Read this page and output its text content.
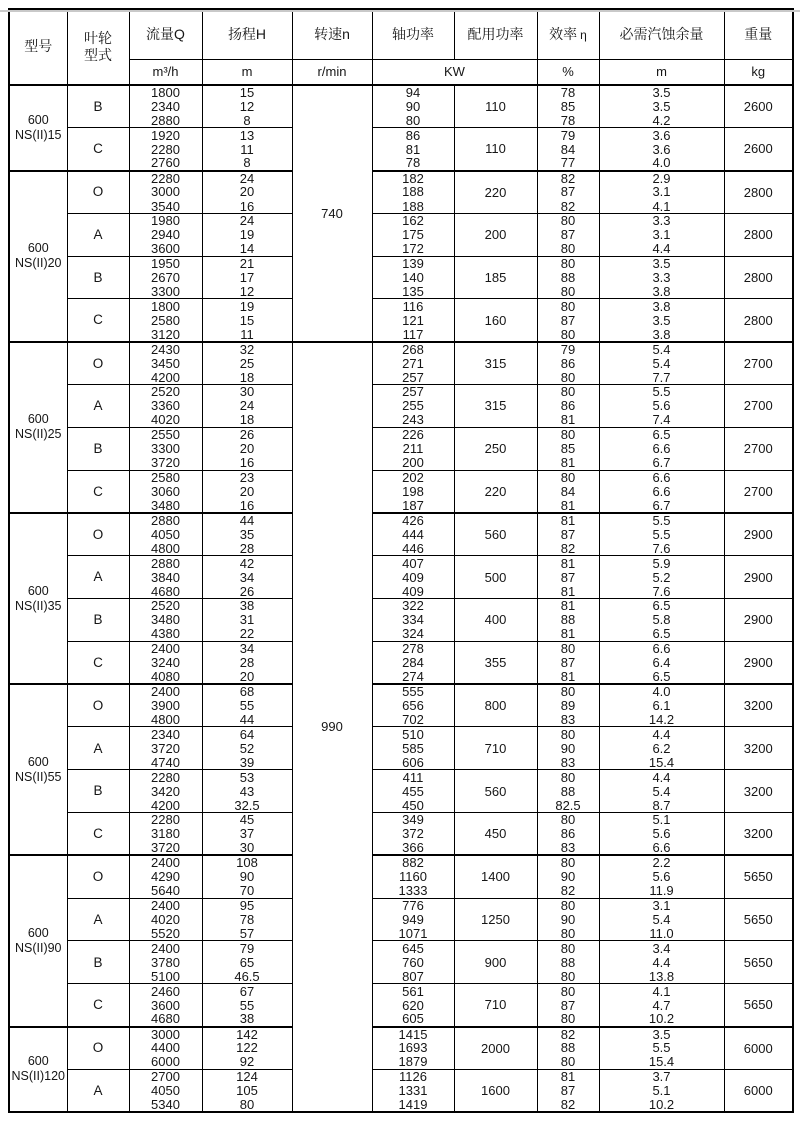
型号	叶轮
型式	流量Q	扬程H	转速n	轴功率	配用功率	效率 η	必需汽蚀余量	重量
		m³/h	m	r/min	KW		%	m	kg

600
NS(II)15	B	1800	15	740	94	110	78	3.5	2600
		2340	12		90		85	3.5	
		2880	8		80		78	4.2	
	C	1920	13		86	110	79	3.6	2600
		2280	11		81		84	3.6	
		2760	8		78		77	4.0	

600
NS(II)20	O	2280	24		182	220	82	2.9	2800
		3000	20		188		87	3.1	
		3540	16		188		82	4.1	
	A	1980	24		162	200	80	3.3	2800
		2940	19		175		87	3.1	
		3600	14		172		80	4.4	
	B	1950	21		139	185	80	3.5	2800
		2670	17		140		88	3.3	
		3300	12		135		80	3.8	
	C	1800	19		116	160	80	3.8	2800
		2580	15		121		87	3.5	
		3120	11		117		80	3.8	

600
NS(II)25	O	2430	32	990	268	315	79	5.4	2700
		3450	25		271		86	5.4	
		4200	18		257		80	7.7	
	A	2520	30		257	315	80	5.5	2700
		3360	24		255		86	5.6	
		4020	18		243		81	7.4	
	B	2550	26		226	250	80	6.5	2700
		3300	20		211		85	6.6	
		3720	16		200		81	6.7	
	C	2580	23		202	220	80	6.6	2700
		3060	20		198		84	6.6	
		3480	16		187		81	6.7	

600
NS(II)35	O	2880	44		426	560	81	5.5	2900
		4050	35		444		87	5.5	
		4800	28		446		82	7.6	
	A	2880	42		407	500	81	5.9	2900
		3840	34		409		87	5.2	
		4680	26		409		81	7.6	
	B	2520	38		322	400	81	6.5	2900
		3480	31		334		88	5.8	
		4380	22		324		81	6.5	
	C	2400	34		278	355	80	6.6	2900
		3240	28		284		87	6.4	
		4080	20		274		81	6.5	

600
NS(II)55	O	2400	68		555	800	80	4.0	3200
		3900	55		656		89	6.1	
		4800	44		702		83	14.2	
	A	2340	64		510	710	80	4.4	3200
		3720	52		585		90	6.2	
		4740	39		606		83	15.4	
	B	2280	53		411	560	80	4.4	3200
		3420	43		455		88	5.4	
		4200	32.5		450		82.5	8.7	
	C	2280	45		349	450	80	5.1	3200
		3180	37		372		86	5.6	
		3720	30		366		83	6.6	

600
NS(II)90	O	2400	108		882	1400	80	2.2	5650
		4290	90		1160		90	5.6	
		5640	70		1333		82	11.9	
	A	2400	95		776	1250	80	3.1	5650
		4020	78		949		90	5.4	
		5520	57		1071		80	11.0	
	B	2400	79		645	900	80	3.4	5650
		3780	65		760		88	4.4	
		5100	46.5		807		80	13.8	
	C	2460	67		561	710	80	4.1	5650
		3600	55		620		87	4.7	
		4680	38		605		80	10.2	

600
NS(II)120	O	3000	142		1415	2000	82	3.5	6000
		4400	122		1693		88	5.5	
		6000	92		1879		80	15.4	
	A	2700	124		1126	1600	81	3.7	6000
		4050	105		1331		87	5.1	
		5340	80		1419		82	10.2	
